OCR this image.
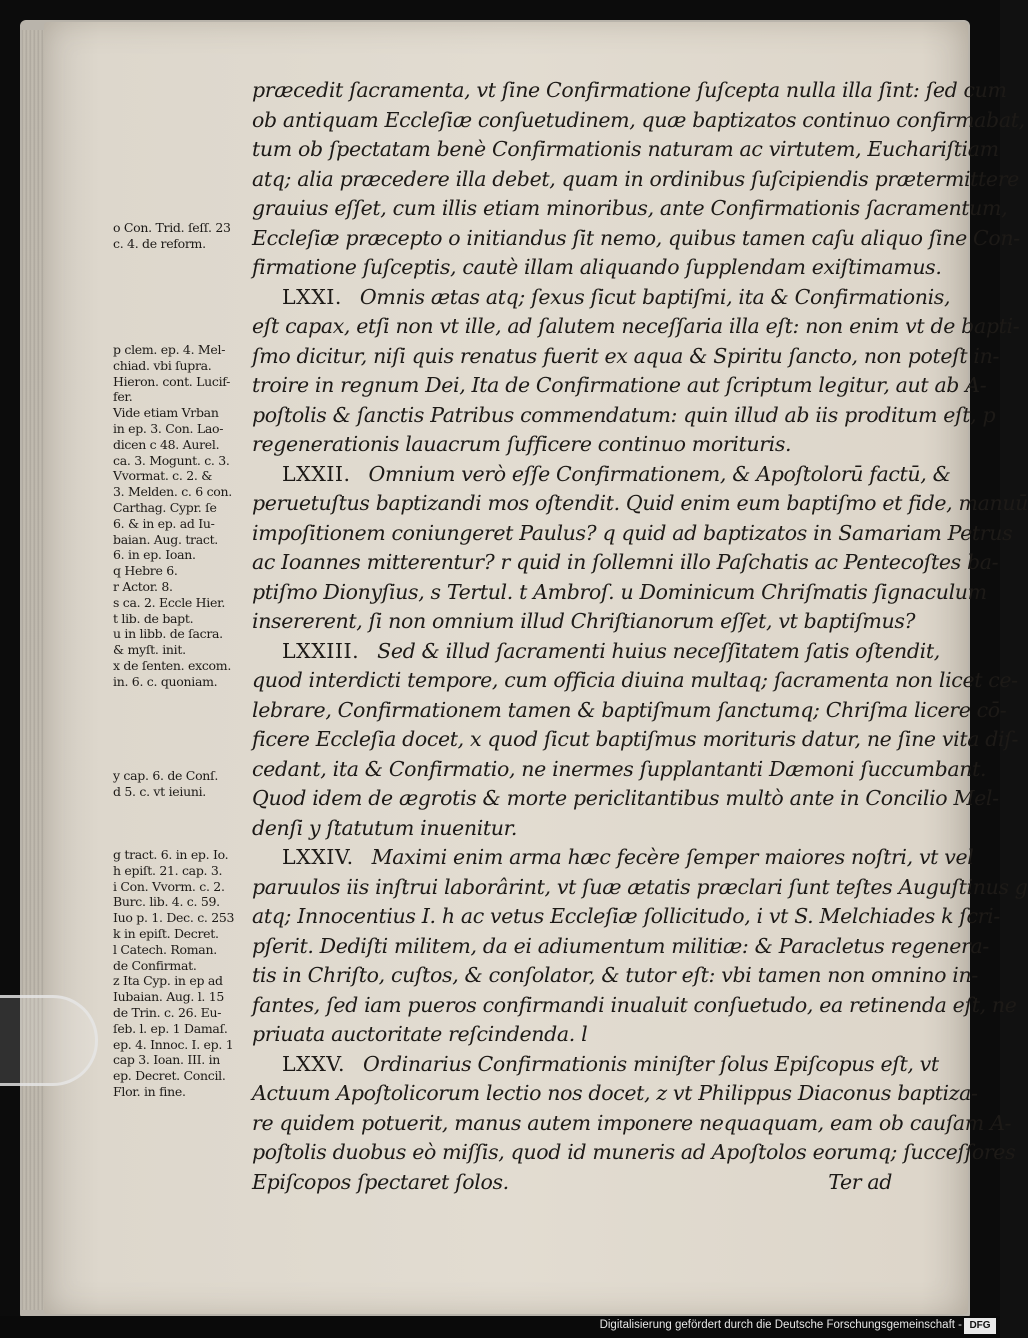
o Con. Trid. ſeſſ. 23
c. 4. de reform.
p clem. ep. 4. Mel-
chiad. vbi ſupra.
Hieron. cont. Lucif-
fer.
Vide etiam Vrban
in ep. 3. Con. Lao-
dicen c 48. Aurel.
ca. 3. Mogunt. c. 3.
Vvormat. c. 2. &
3. Melden. c. 6 con.
Carthag. Cypr. ſe
6. & in ep. ad Iu-
baian. Aug. tract.
6. in ep. Ioan.
q Hebre 6.
r Actor. 8.
s ca. 2. Eccle Hier.
t lib. de bapt.
u in libb. de ſacra.
& myſt. init.
x de ſenten. excom.
in. 6. c. quoniam.
y cap. 6. de Conſ.
d 5. c. vt ieiuni.
g tract. 6. in ep. Io.
h epiſt. 21. cap. 3.
i Con. Vvorm. c. 2.
Burc. lib. 4. c. 59.
Iuo p. 1. Dec. c. 253
k in epiſt. Decret.
l Catech. Roman.
de Confirmat.
z Ita Cyp. in ep ad
Iubaian. Aug. l. 15
de Trin. c. 26. Eu-
ſeb. l. ep. 1 Damaſ.
ep. 4. Innoc. I. ep. 1
cap 3. Ioan. III. in
ep. Decret. Concil.
Flor. in fine.
præcedit ſacramenta, vt ſine Confirmatione ſuſcepta nulla illa ſint: ſed cum
ob antiquam Eccleſiæ conſuetudinem, quæ baptizatos continuo confirmabat,
tum ob ſpectatam benè Confirmationis naturam ac virtutem, Euchariſtiam
atq; alia præcedere illa debet, quam in ordinibus ſuſcipiendis prætermittere
grauius eſſet, cum illis etiam minoribus, ante Confirmationis ſacramentum,
Eccleſiæ præcepto o initiandus ſit nemo, quibus tamen caſu aliquo ſine Con-
firmatione ſuſceptis, cautè illam aliquando ſupplendam exiſtimamus.
LXXI. Omnis ætas atq; ſexus ſicut baptiſmi, ita & Confirmationis,
eſt capax, etſi non vt ille, ad ſalutem neceſſaria illa eſt: non enim vt de bapti-
ſmo dicitur, niſi quis renatus fuerit ex aqua & Spiritu ſancto, non poteſt in-
troire in regnum Dei, Ita de Confirmatione aut ſcriptum legitur, aut ab A-
poſtolis & ſanctis Patribus commendatum: quin illud ab iis proditum eſt, p
regenerationis lauacrum ſufficere continuo morituris.
LXXII. Omnium verò eſſe Confirmationem, & Apoſtolorū factū, &
peruetuſtus baptizandi mos oſtendit. Quid enim eum baptiſmo et fide, manuū
impoſitionem coniungeret Paulus? q quid ad baptizatos in Samariam Petrus
ac Ioannes mitterentur? r quid in ſollemni illo Paſchatis ac Pentecoſtes ba-
ptiſmo Dionyſius, s Tertul. t Ambroſ. u Dominicum Chriſmatis ſignaculum
insererent, ſi non omnium illud Chriſtianorum eſſet, vt baptiſmus?
LXXIII. Sed & illud ſacramenti huius neceſſitatem ſatis oſtendit,
quod interdicti tempore, cum officia diuina multaq; ſacramenta non licet ce-
lebrare, Confirmationem tamen & baptiſmum ſanctumq; Chriſma licere cō-
ficere Eccleſia docet, x quod ſicut baptiſmus morituris datur, ne ſine vita diſ-
cedant, ita & Confirmatio, ne inermes ſupplantanti Dæmoni ſuccumbant.
Quod idem de ægrotis & morte periclitantibus multò ante in Concilio Mel-
denſi y ſtatutum inuenitur.
LXXIV. Maximi enim arma hæc fecère ſemper maiores noſtri, vt vel
paruulos iis inſtrui laborârint, vt ſuæ ætatis præclari ſunt teſtes Auguſtinus g
atq; Innocentius I. h ac vetus Eccleſiæ ſollicitudo, i vt S. Melchiades k ſcri-
pſerit. Dediſti militem, da ei adiumentum militiæ: & Paracletus regenera-
tis in Chriſto, cuſtos, & conſolator, & tutor eſt: vbi tamen non omnino in-
fantes, ſed iam pueros confirmandi inualuit conſuetudo, ea retinenda eſt, ne
priuata auctoritate reſcindenda. l
LXXV. Ordinarius Confirmationis miniſter ſolus Epiſcopus eſt, vt
Actuum Apoſtolicorum lectio nos docet, z vt Philippus Diaconus baptiza-
re quidem potuerit, manus autem imponere nequaquam, eam ob cauſam A-
poſtolis duobus eò miſſis, quod id muneris ad Apoſtolos eorumq; ſucceſſores
Epiſcopos ſpectaret ſolos.	Ter ad
Digitalisierung gefördert durch die Deutsche Forschungsgemeinschaft - DFG
